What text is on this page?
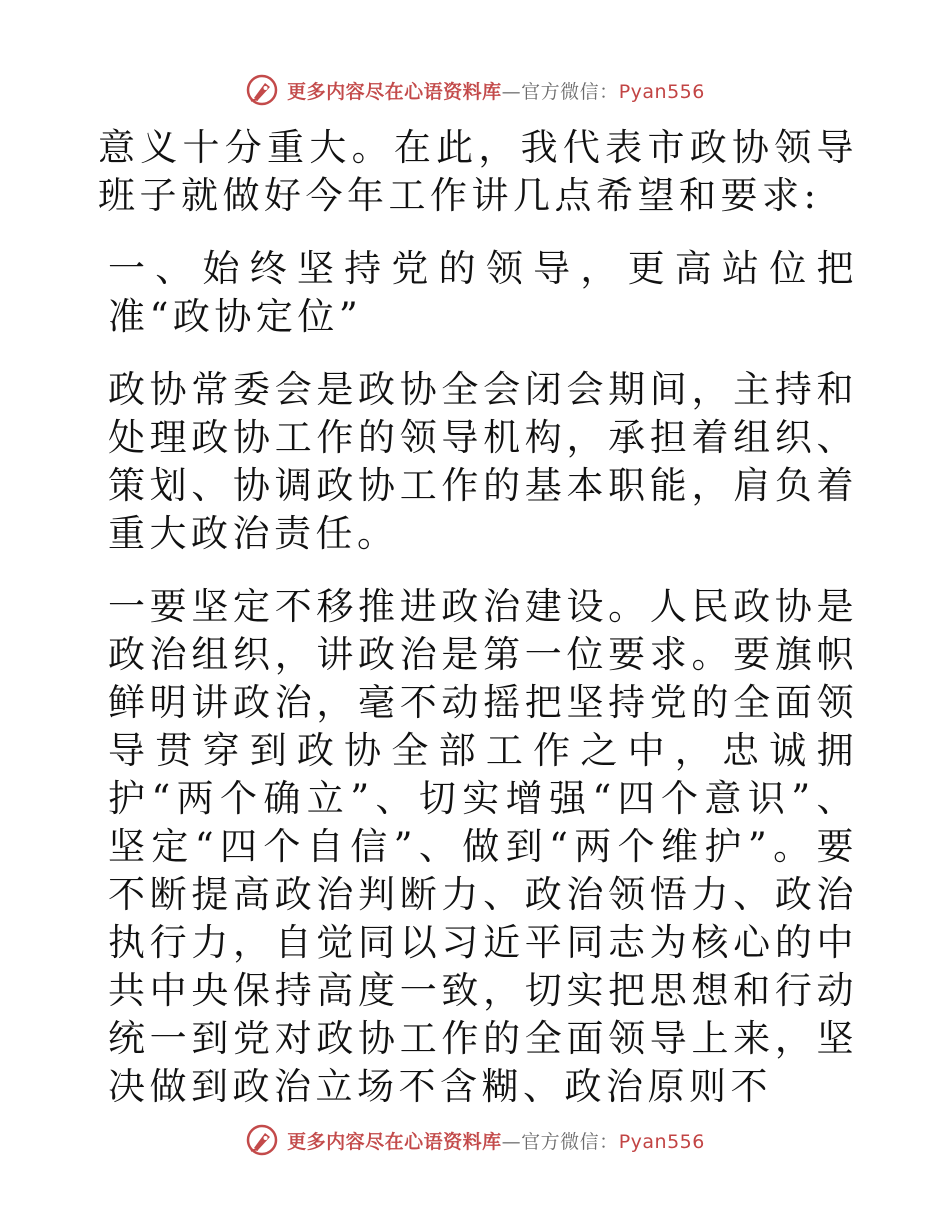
更多内容尽在心语资料库—官方微信：Pyan556

意义十分重大。在此，我代表市政协领导班子就做好今年工作讲几点希望和要求:

一、始终坚持党的领导，更高站位把准“政协定位”

政协常委会是政协全会闭会期间，主持和处理政协工作的领导机构，承担着组织、策划、协调政协工作的基本职能，肩负着重大政治责任。

一要坚定不移推进政治建设。人民政协是政治组织，讲政治是第一位要求。要旗帜鲜明讲政治，毫不动摇把坚持党的全面领导贯穿到政协全部工作之中，忠诚拥护“两个确立”、切实增强“四个意识”、坚定“四个自信”、做到“两个维护”。要不断提高政治判断力、政治领悟力、政治执行力，自觉同以习近平同志为核心的中共中央保持高度一致，切实把思想和行动统一到党对政协工作的全面领导上来，坚决做到政治立场不含糊、政治原则不

更多内容尽在心语资料库—官方微信：Pyan556
